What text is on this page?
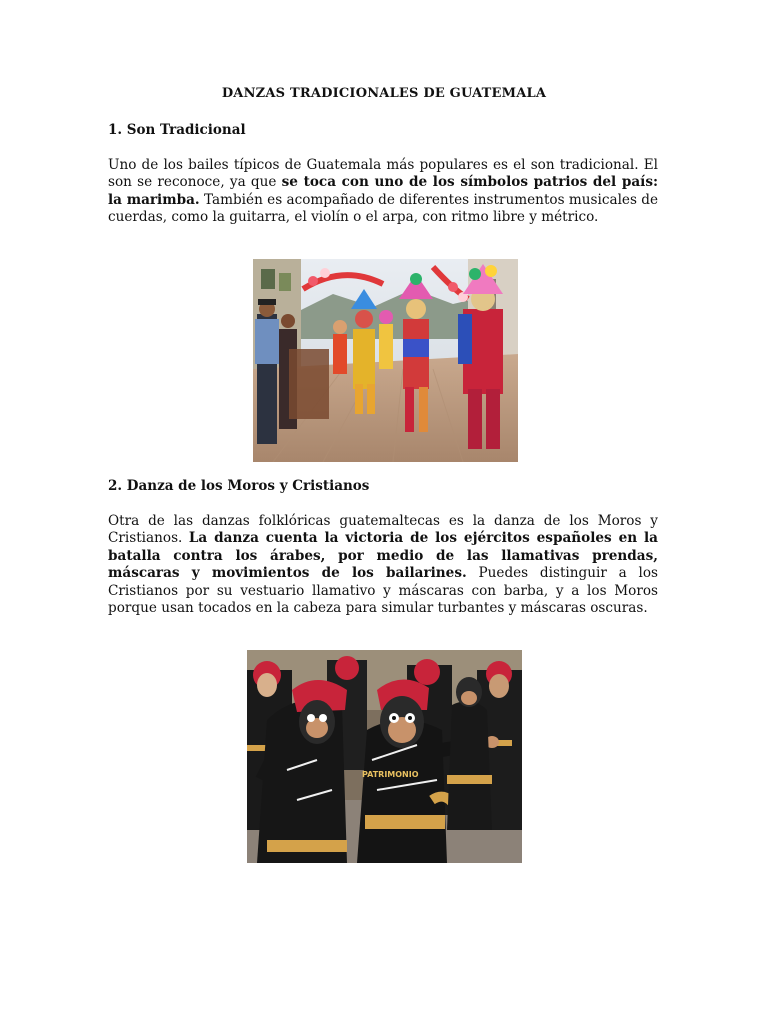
DANZAS TRADICIONALES DE GUATEMALA
1. Son Tradicional

Uno de los bailes típicos de Guatemala más populares es el son tradicional. El son se reconoce, ya que se toca con uno de los símbolos patrios del país: la marimba. También es acompañado de diferentes instrumentos musicales de cuerdas, como la guitarra, el violín o el arpa, con ritmo libre y métrico.

2. Danza de los Moros y Cristianos

Otra de las danzas folklóricas guatemaltecas es la danza de los Moros y Cristianos. La danza cuenta la victoria de los ejércitos españoles en la batalla contra los árabes, por medio de las llamativas prendas, máscaras y movimientos de los bailarines. Puedes distinguir a los Cristianos por su vestuario llamativo y máscaras con barba, y a los Moros porque usan tocados en la cabeza para simular turbantes y máscaras oscuras.

PATRIMONIO
